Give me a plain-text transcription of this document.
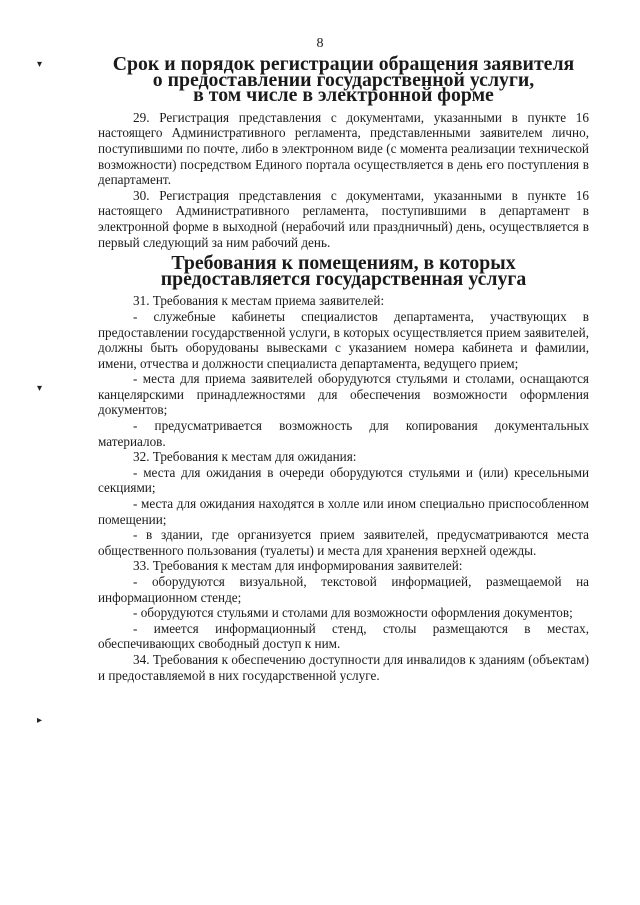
8
▾
▾
▸
Срок и порядок регистрации обращения заявителя
о предоставлении государственной услуги,
в том числе в электронной форме

29. Регистрация представления с документами, указанными в пункте 16 настоящего Административного регламента, представленными заявителем лично, поступившими по почте, либо в электронном виде (с момента реализации технической возможности) посредством Единого портала осуществляется в день его поступления в департамент.

30. Регистрация представления с документами, указанными в пункте 16 настоящего Административного регламента, поступившими в департамент в электронной форме в выходной (нерабочий или праздничный) день, осуществляется в первый следующий за ним рабочий день.

Требования к помещениям, в которых
предоставляется государственная услуга

31. Требования к местам приема заявителей:

- служебные кабинеты специалистов департамента, участвующих в предоставлении государственной услуги, в которых осуществляется прием заявителей, должны быть оборудованы вывесками с указанием номера кабинета и фамилии, имени, отчества и должности специалиста департамента, ведущего прием;

- места для приема заявителей оборудуются стульями и столами, оснащаются канцелярскими принадлежностями для обеспечения возможности оформления документов;

- предусматривается возможность для копирования документальных материалов.

32. Требования к местам для ожидания:

- места для ожидания в очереди оборудуются стульями и (или) кресельными секциями;

- места для ожидания находятся в холле или ином специально приспособленном помещении;

- в здании, где организуется прием заявителей, предусматриваются места общественного пользования (туалеты) и места для хранения верхней одежды.

33. Требования к местам для информирования заявителей:

- оборудуются визуальной, текстовой информацией, размещаемой на информационном стенде;

- оборудуются стульями и столами для возможности оформления документов;

- имеется информационный стенд, столы размещаются в местах, обеспечивающих свободный доступ к ним.

34. Требования к обеспечению доступности для инвалидов к зданиям (объектам) и предоставляемой в них государственной услуге.
